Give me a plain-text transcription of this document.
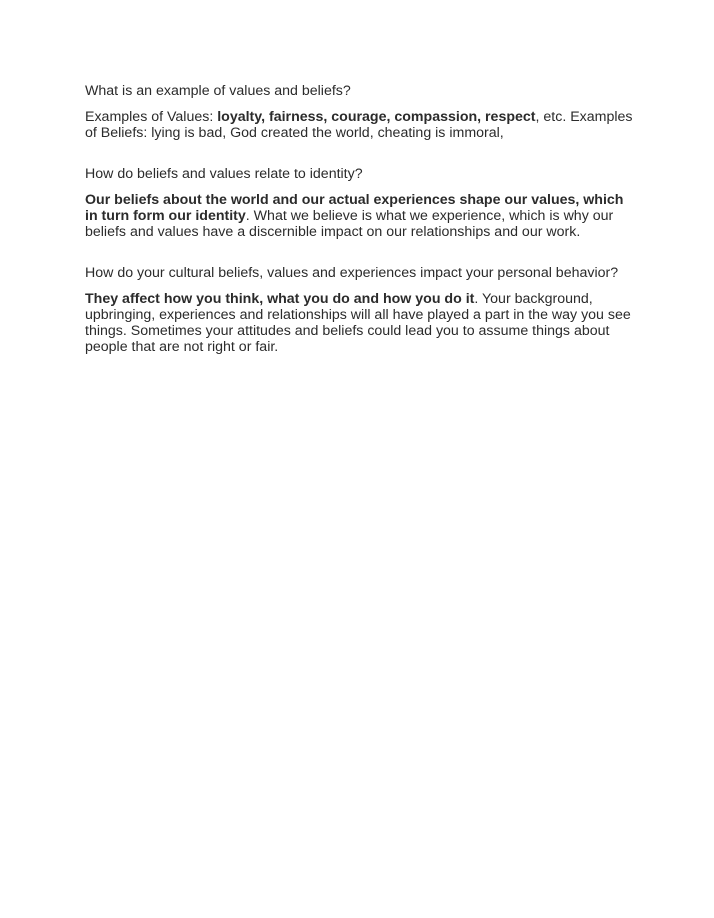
What is an example of values and beliefs?

Examples of Values: loyalty, fairness, courage, compassion, respect, etc. Examples of Beliefs: lying is bad, God created the world, cheating is immoral,

How do beliefs and values relate to identity?

Our beliefs about the world and our actual experiences shape our values, which in turn form our identity. What we believe is what we experience, which is why our beliefs and values have a discernible impact on our relationships and our work.

How do your cultural beliefs, values and experiences impact your personal behavior?

They affect how you think, what you do and how you do it. Your background, upbringing, experiences and relationships will all have played a part in the way you see things. Sometimes your attitudes and beliefs could lead you to assume things about people that are not right or fair.
